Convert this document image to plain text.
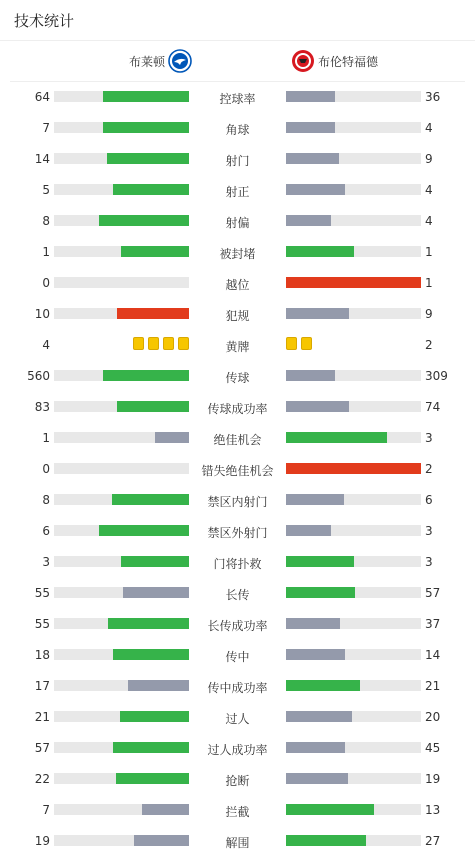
技术统计
布莱顿	布伦特福德
64	控球率	36
7	角球	4
14	射门	9
5	射正	4
8	射偏	4
1	被封堵	1
0	越位	1
10	犯规	9
4	黄牌	2
560	传球	309
83	传球成功率	74
1	绝佳机会	3
0	错失绝佳机会	2
8	禁区内射门	6
6	禁区外射门	3
3	门将扑救	3
55	长传	57
55	长传成功率	37
18	传中	14
17	传中成功率	21
21	过人	20
57	过人成功率	45
22	抢断	19
7	拦截	13
19	解围	27
